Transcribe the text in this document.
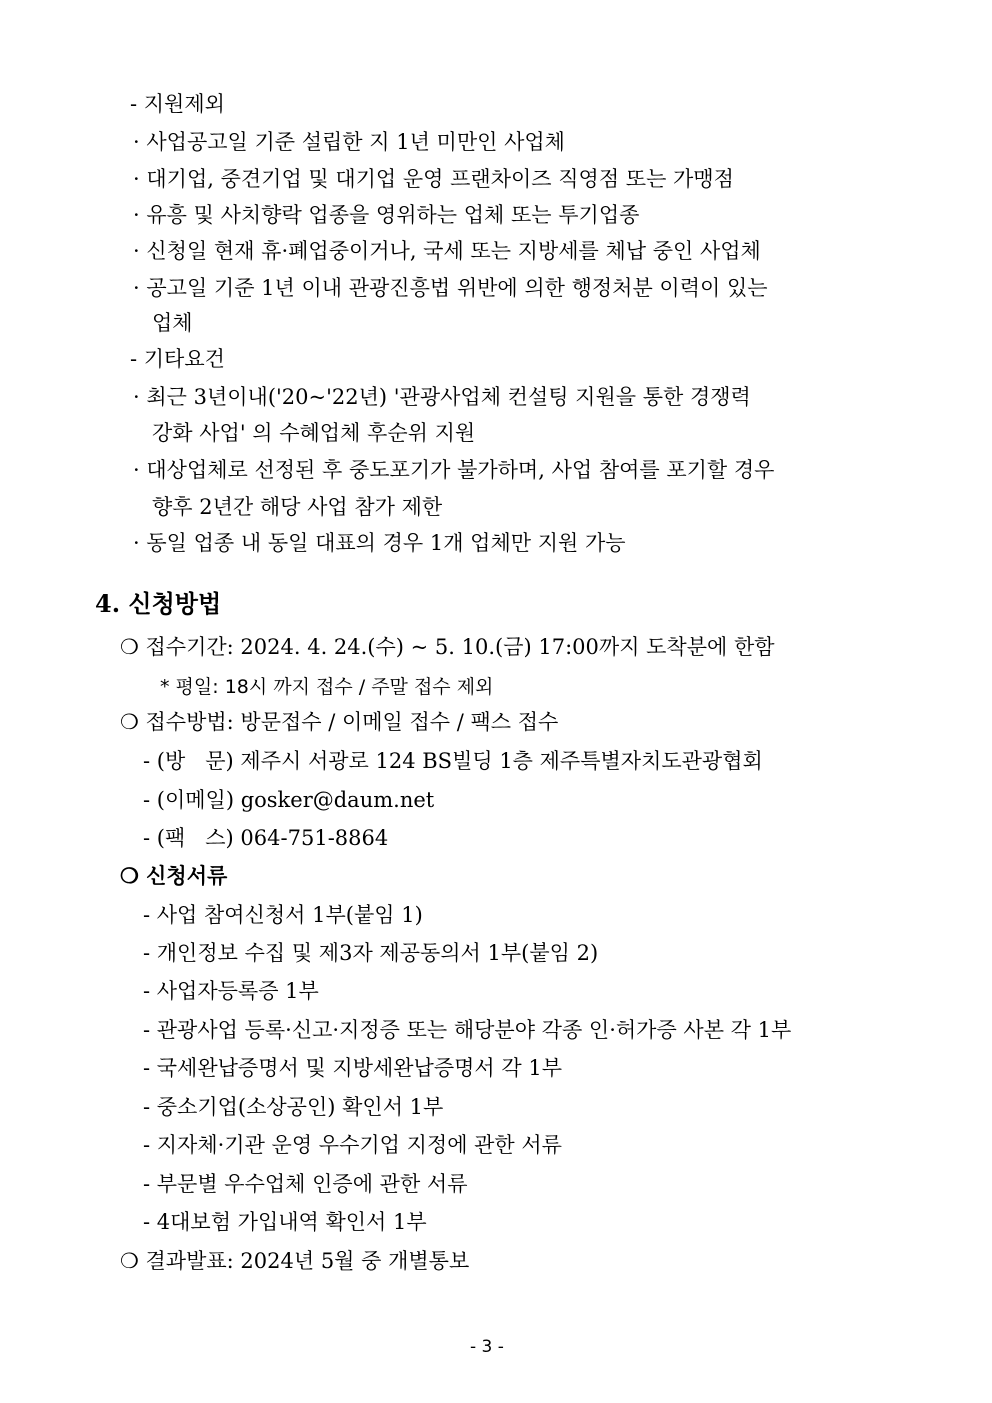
- 지원제외
· 사업공고일 기준 설립한 지 1년 미만인 사업체
· 대기업, 중견기업 및 대기업 운영 프랜차이즈 직영점 또는 가맹점
· 유흥 및 사치향락 업종을 영위하는 업체 또는 투기업종
· 신청일 현재 휴·폐업중이거나, 국세 또는 지방세를 체납 중인 사업체
· 공고일 기준 1년 이내 관광진흥법 위반에 의한 행정처분 이력이 있는
업체
- 기타요건
· 최근 3년이내('20~'22년) '관광사업체 컨설팅 지원을 통한 경쟁력
강화 사업' 의 수혜업체 후순위 지원
· 대상업체로 선정된 후 중도포기가 불가하며, 사업 참여를 포기할 경우
향후 2년간 해당 사업 참가 제한
· 동일 업종 내 동일 대표의 경우 1개 업체만 지원 가능
4. 신청방법
❍ 접수기간: 2024. 4. 24.(수) ~ 5. 10.(금) 17:00까지 도착분에 한함
* 평일: 18시 까지 접수 / 주말 접수 제외
❍ 접수방법: 방문접수 / 이메일 접수 / 팩스 접수
- (방   문) 제주시 서광로 124 BS빌딩 1층 제주특별자치도관광협회
- (이메일) gosker@daum.net
- (팩   스) 064-751-8864
❍ 신청서류
- 사업 참여신청서 1부(붙임 1)
- 개인정보 수집 및 제3자 제공동의서 1부(붙임 2)
- 사업자등록증 1부
- 관광사업 등록·신고·지정증 또는 해당분야 각종 인·허가증 사본 각 1부
- 국세완납증명서 및 지방세완납증명서 각 1부
- 중소기업(소상공인) 확인서 1부
- 지자체·기관 운영 우수기업 지정에 관한 서류
- 부문별 우수업체 인증에 관한 서류
- 4대보험 가입내역 확인서 1부
❍ 결과발표: 2024년 5월 중 개별통보
- 3 -
